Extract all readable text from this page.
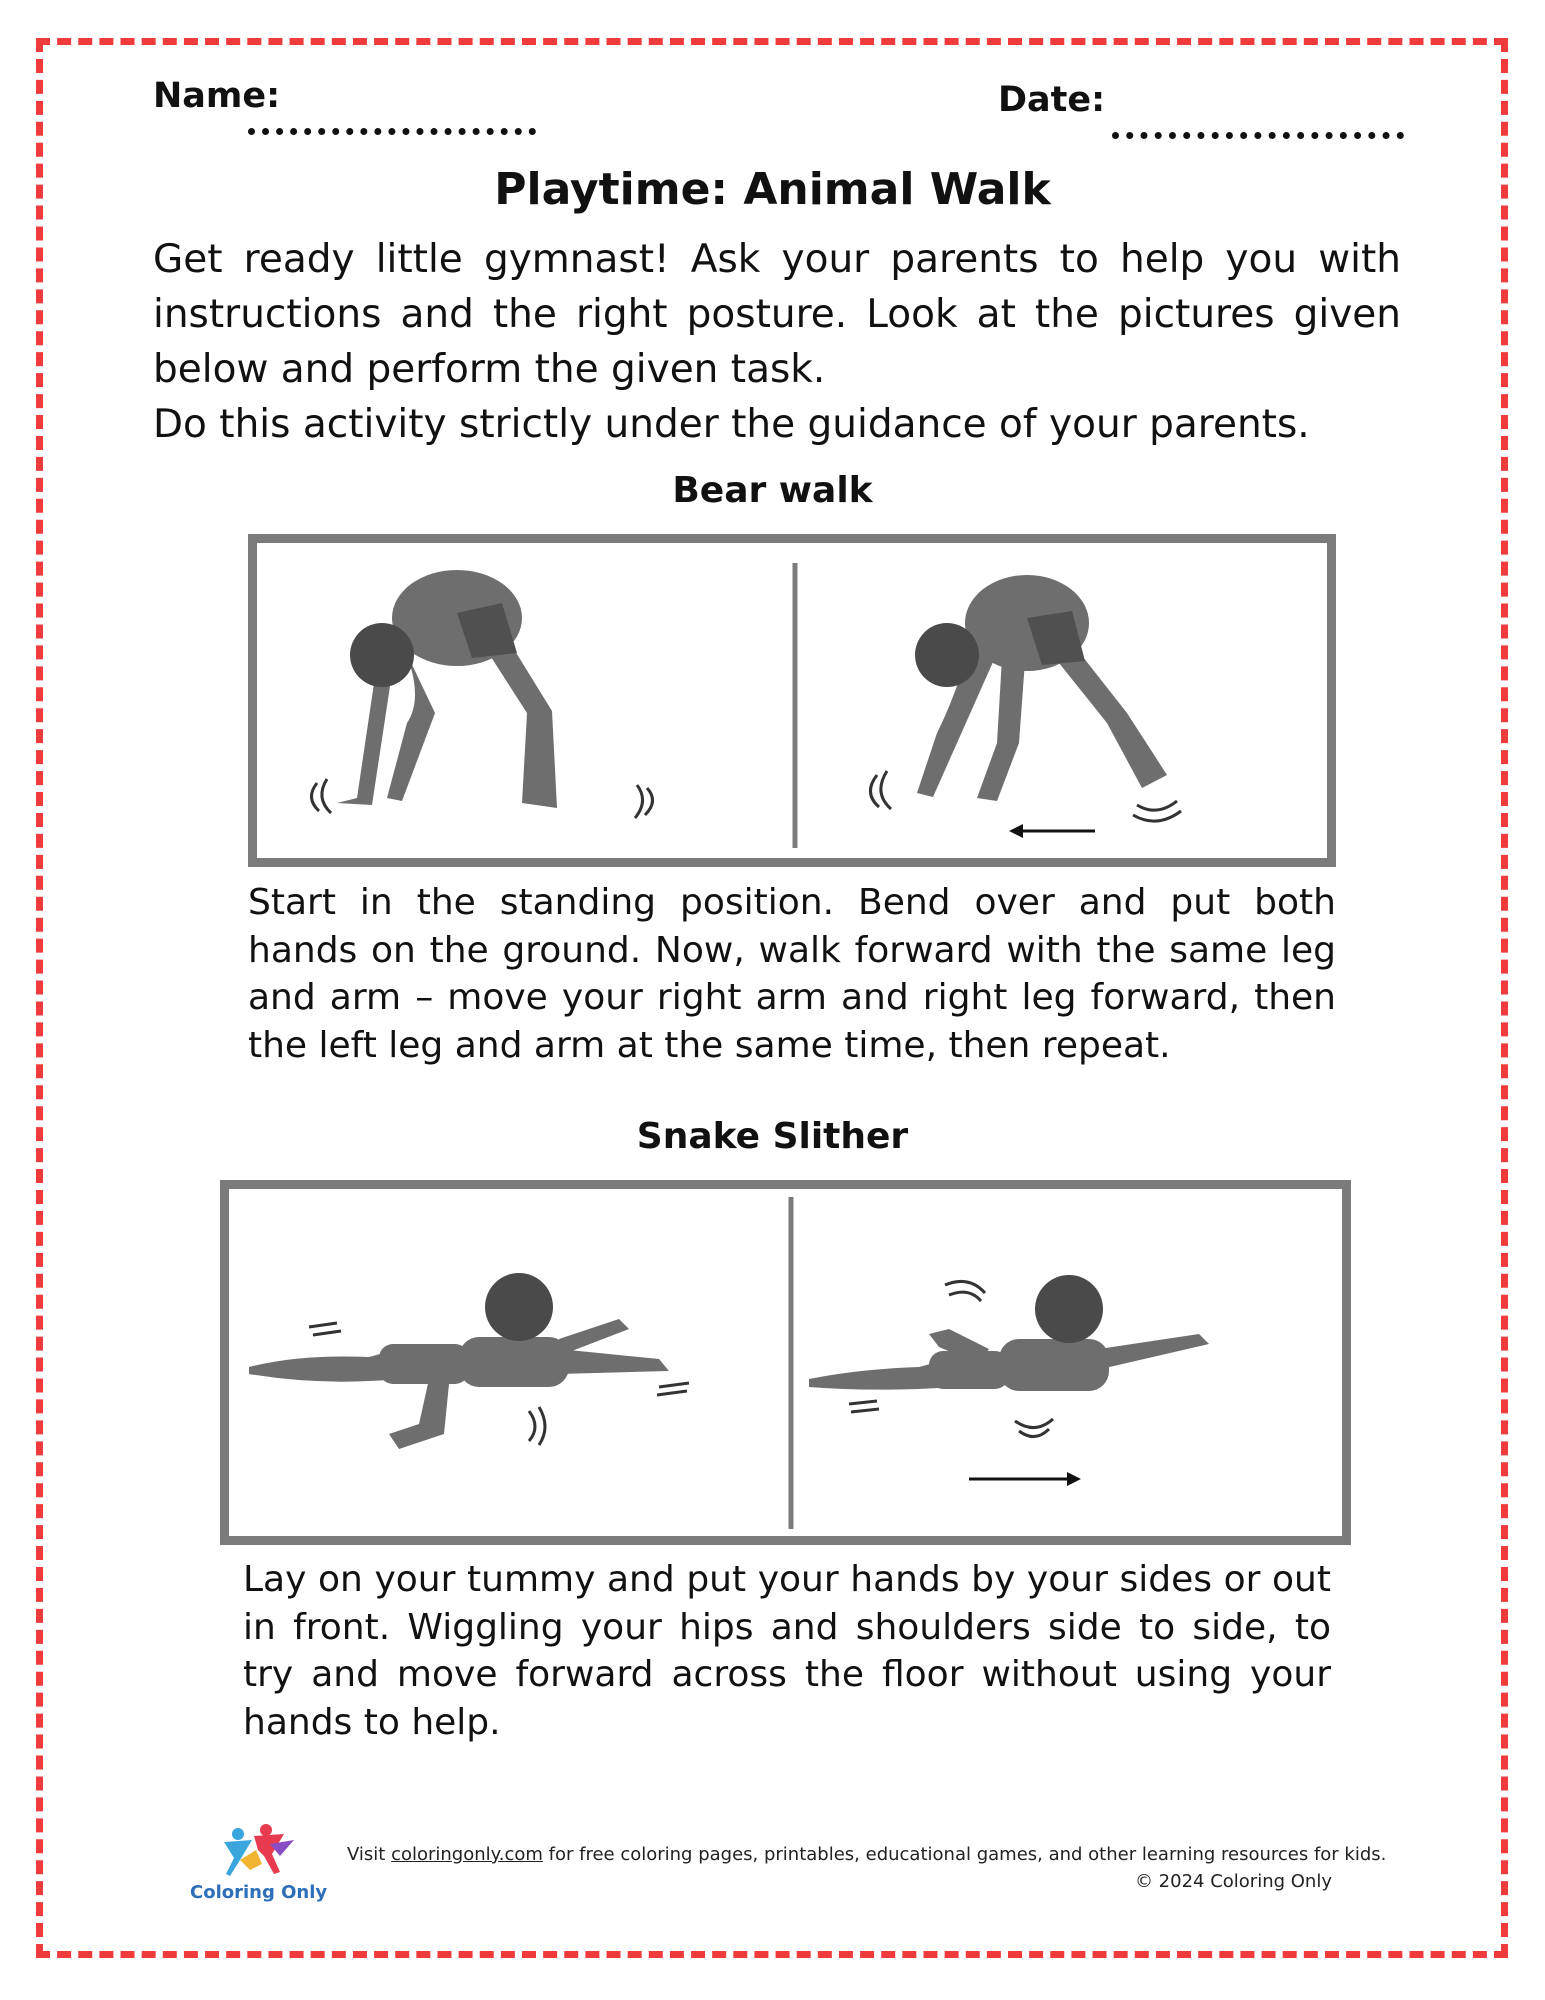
Name:	Date:
Playtime: Animal Walk

Get ready little gymnast! Ask your parents to help you with instructions and the right posture. Look at the pictures given below and perform the given task.

Do this activity strictly under the guidance of your parents.

Bear walk
Start in the standing position. Bend over and put both hands on the ground. Now, walk forward with the same leg and arm – move your right arm and right leg forward, then the left leg and arm at the same time, then repeat.
Snake Slither
Lay on your tummy and put your hands by your sides or out in front. Wiggling your hips and shoulders side to side, to try and move forward across the floor without using your hands to help.
Coloring Only
Visit coloringonly.com for free coloring pages, printables, educational games, and other learning resources for kids.
© 2024 Coloring Only
